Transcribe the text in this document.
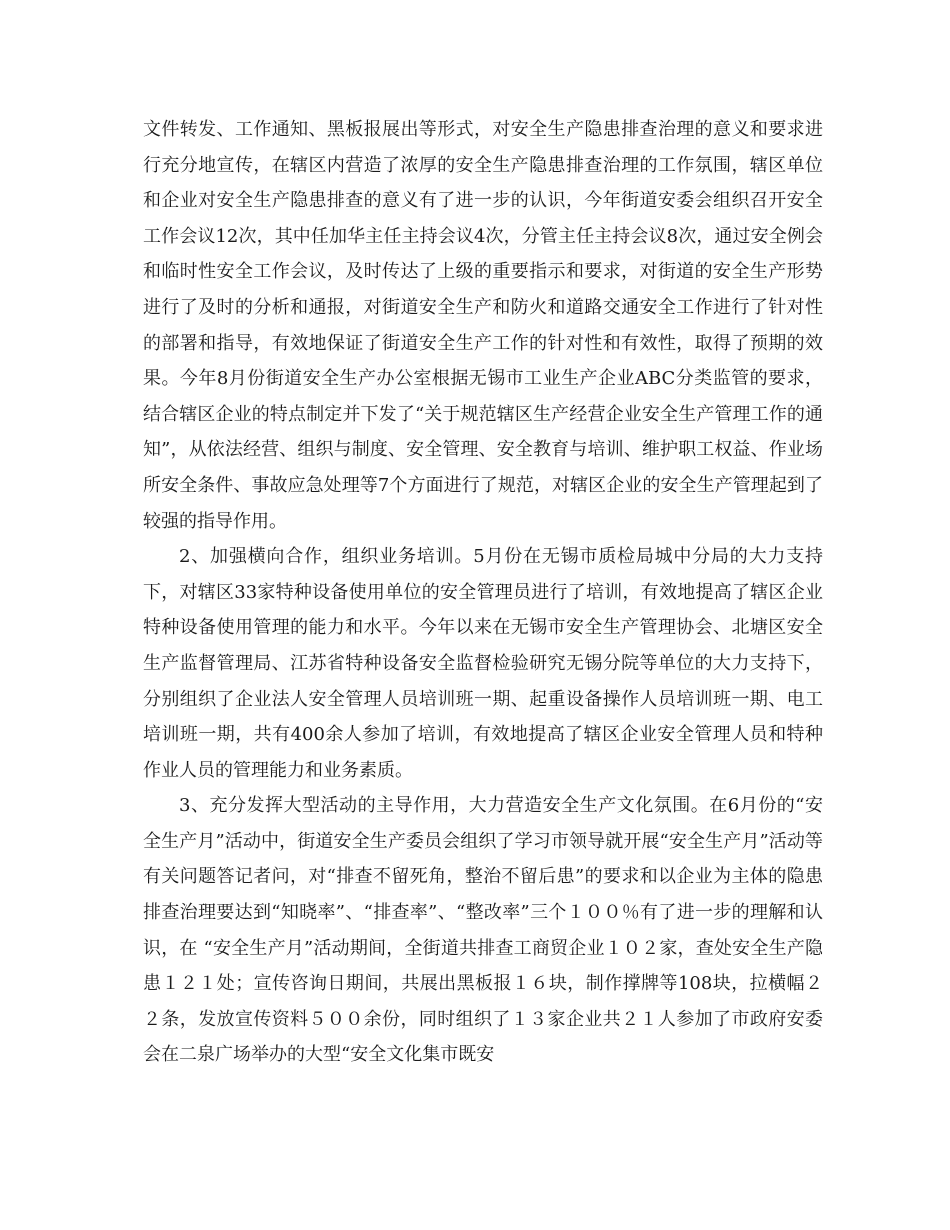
文件转发、工作通知、黑板报展出等形式，对安全生产隐患排查治理的意义和要求进行充分地宣传，在辖区内营造了浓厚的安全生产隐患排查治理的工作氛围，辖区单位和企业对安全生产隐患排查的意义有了进一步的认识，今年街道安委会组织召开安全工作会议12次，其中任加华主任主持会议4次，分管主任主持会议8次，通过安全例会和临时性安全工作会议，及时传达了上级的重要指示和要求，对街道的安全生产形势进行了及时的分析和通报，对街道安全生产和防火和道路交通安全工作进行了针对性的部署和指导，有效地保证了街道安全生产工作的针对性和有效性，取得了预期的效果。今年8月份街道安全生产办公室根据无锡市工业生产企业ABC分类监管的要求，结合辖区企业的特点制定并下发了“关于规范辖区生产经营企业安全生产管理工作的通知”，从依法经营、组织与制度、安全管理、安全教育与培训、维护职工权益、作业场所安全条件、事故应急处理等7个方面进行了规范，对辖区企业的安全生产管理起到了较强的指导作用。

2、加强横向合作，组织业务培训。5月份在无锡市质检局城中分局的大力支持下，对辖区33家特种设备使用单位的安全管理员进行了培训，有效地提高了辖区企业特种设备使用管理的能力和水平。今年以来在无锡市安全生产管理协会、北塘区安全生产监督管理局、江苏省特种设备安全监督检验研究无锡分院等单位的大力支持下，分别组织了企业法人安全管理人员培训班一期、起重设备操作人员培训班一期、电工培训班一期，共有400余人参加了培训，有效地提高了辖区企业安全管理人员和特种作业人员的管理能力和业务素质。

3、充分发挥大型活动的主导作用，大力营造安全生产文化氛围。在6月份的“安全生产月”活动中，街道安全生产委员会组织了学习市领导就开展“安全生产月”活动等有关问题答记者问，对“排查不留死角，整治不留后患”的要求和以企业为主体的隐患排查治理要达到“知晓率”、“排查率”、“整改率”三个１００％有了进一步的理解和认识，在 “安全生产月”活动期间，全街道共排查工商贸企业１０２家，查处安全生产隐患１２１处；宣传咨询日期间，共展出黑板报１６块，制作撑牌等108块，拉横幅２２条，发放宣传资料５００余份，同时组织了１３家企业共２１人参加了市政府安委会在二泉广场举办的大型“安全文化集市既安
